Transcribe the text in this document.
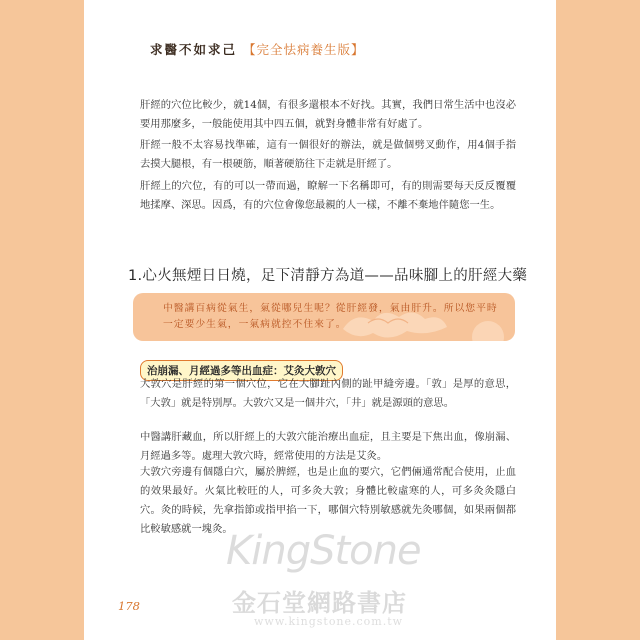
求醫不如求己 【完全怯病養生版】
肝經的穴位比較少，就14個，有很多還根本不好找。其實，我們日常生活中也沒必要用那麼多，一般能使用其中四五個，就對身體非常有好處了。
肝經一般不太容易找準確，這有一個很好的辦法，就是做個劈叉動作，用4個手指去摸大腿根，有一根硬筋，順著硬筋往下走就是肝經了。
肝經上的穴位，有的可以一帶而過，瞭解一下名稱即可，有的則需要每天反反覆覆地揉摩、深思。因爲，有的穴位會像您最親的人一樣，不離不棄地伴隨您一生。
1.心火無煙日日燒，足下清靜方為道——品味腳上的肝經大藥
中醫講百病從氣生，氣從哪兒生呢？從肝經發，氣由肝升。所以您平時一定要少生氣，一氣病就控不住來了。
治崩漏、月經過多等出血症：艾灸大敦穴
大敦穴是肝經的第一個穴位，它在大腳趾內側的趾甲縫旁邊。「敦」是厚的意思，「大敦」就是特別厚。大敦穴又是一個井穴，「井」就是源頭的意思。
中醫講肝藏血，所以肝經上的大敦穴能治療出血症，且主要是下焦出血，像崩漏、月經過多等。處理大敦穴時，經常使用的方法是艾灸。
大敦穴旁邊有個隱白穴，屬於脾經，也是止血的要穴，它們倆通常配合使用，止血的效果最好。火氣比較旺的人，可多灸大敦；身體比較虛寒的人，可多灸灸隱白穴。灸的時候，先拿指節或指甲掐一下，哪個穴特別敏感就先灸哪個，如果兩個都比較敏感就一塊灸。
178
KingStone
金石堂網路書店
www.kingstone.com.tw
